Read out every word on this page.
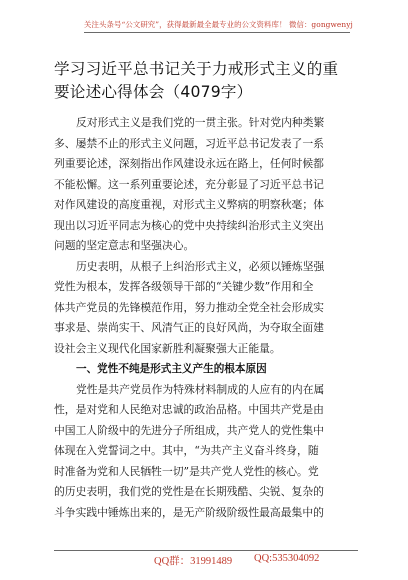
关注头条号“公文研究”，获得最新最全最专业的公文资料库！ 微信：gongwenyj
学习习近平总书记关于力戒形式主义的重
要论述心得体会（4079字）
反对形式主义是我们党的一贯主张。针对党内种类繁
多、屡禁不止的形式主义问题，习近平总书记发表了一系
列重要论述，深刻指出作风建设永远在路上，任何时候都
不能松懈。这一系列重要论述，充分彰显了习近平总书记
对作风建设的高度重视，对形式主义弊病的明察秋毫；体
现出以习近平同志为核心的党中央持续纠治形式主义突出
问题的坚定意志和坚强决心。
历史表明，从根子上纠治形式主义，必须以锤炼坚强
党性为根本，发挥各级领导干部的“关键少数”作用和全
体共产党员的先锋模范作用，努力推动全党全社会形成实
事求是、崇尚实干、风清气正的良好风尚，为夺取全面建
设社会主义现代化国家新胜利凝聚强大正能量。
一、党性不纯是形式主义产生的根本原因
党性是共产党员作为特殊材料制成的人应有的内在属
性，是对党和人民绝对忠诚的政治品格。中国共产党是由
中国工人阶级中的先进分子所组成，共产党人的党性集中
体现在入党誓词之中。其中，“为共产主义奋斗终身，随
时准备为党和人民牺牲一切”是共产党人党性的核心。党
的历史表明，我们党的党性是在长期残酷、尖锐、复杂的
斗争实践中锤炼出来的，是无产阶级阶级性最高最集中的
QQ群：31991489 QQ:535304092
